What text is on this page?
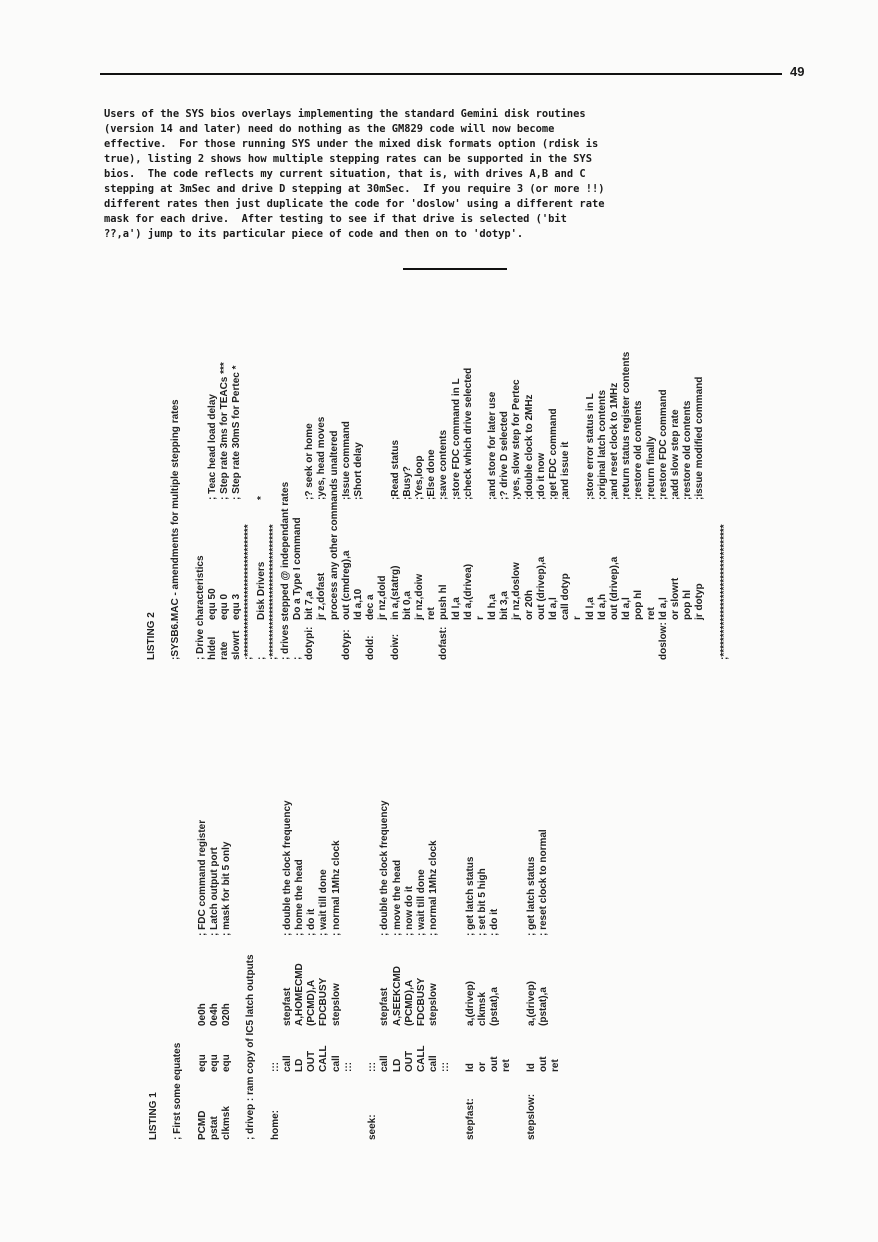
49
Users of the SYS bios overlays implementing the standard Gemini disk routines
(version 14 and later) need do nothing as the GM829 code will now become
effective.  For those running SYS under the mixed disk formats option (rdisk is
true), listing 2 shows how multiple stepping rates can be supported in the SYS
bios.  The code reflects my current situation, that is, with drives A,B and C
stepping at 3mSec and drive D stepping at 30mSec.  If you require 3 (or more !!)
different rates then just duplicate the code for 'doslow' using a different rate
mask for each drive.  After testing to see if that drive is selected ('bit
??,a') jump to its particular piece of code and then on to 'dotyp'.
LISTING 1 ; First some equates PCMD
equ
0e0h
; FDC command register
pstat
equ
0e4h
; Latch output port
clkmsk
equ
020h
; mask for bit 5 only
; drivep : ram copy of IC5 latch outputs home:
::: call
stepfast
; double the clock frequency
LD
A,HOMECMD
; home the head
OUT
(PCMD),A
; do it
CALL
FDCBUSY
; wait till done
call
stepslow
; normal 1Mhz clock
:::
seek:
::: call
stepfast
; double the clock frequency
LD
A,SEEKCMD
; move the head
OUT
(PCMD),A
; now do it
CALL
FDCBUSY
; wait till done
call
stepslow
; normal 1Mhz clock
:::
stepfast:
ld
a,(drivep)
; get latch status
or
clkmsk
; set bit 5 high
out
(pstat),a
; do it
ret
stepslow:
ld
a,(drivep)
; get latch status
out
(pstat),a
; reset clock to normal
ret
LISTING 2 ;SYSB6.MAC - amendments for multiple stepping rates ; Drive characteristics hldel
equ 50
; Teac head load delay
rate
equ 0
; Step rate 3ms for TEACs ***
slowrt
equ 3
; Step rate 30mS for Pertec *
;********************************** ;
Disk Drivers
*
;********************************** ; drives stepped @ independant rates ;
Do a Type I command
dotypi:
bit 7,a
;? seek or home
jr z,dofast
;yes, head moves process any other commands unaltered
dotyp:
out (cmdreg),a
;Issue command
ld a,10
;Short delay
dold:
dec a jr nz,dold
doiw:
in a,(statrg)
;Read status
bit 0,a
;Busy?
jr nz,doiw
;Yes,loop
ret
;Else done
dofast:
push hl
;save contents
ld l,a
;store FDC command in L
ld a,(drivea)
;check which drive selected
r ld h,a
;and store for later use
bit 3,a
;? drive D selected
jr nz,doslow
;yes, slow step for Pertec
or 20h
;double clock to 2MHz
out (drivep),a
;do it now
ld a,l
;get FDC command
call dotyp
;and issue it
r ld l,a
;store error status in L
ld a,h
;original latch contents
out (drivep),a
;and reset clock to 1MHz
ld a,l
;return status register contents
pop hl
;restore old contents
ret
;return finally
doslow:
ld a,l
;restore FDC command
or slowrt
;add slow step rate
pop hl
;restore old contents
jr dotyp
;issue modified command
;**********************************
